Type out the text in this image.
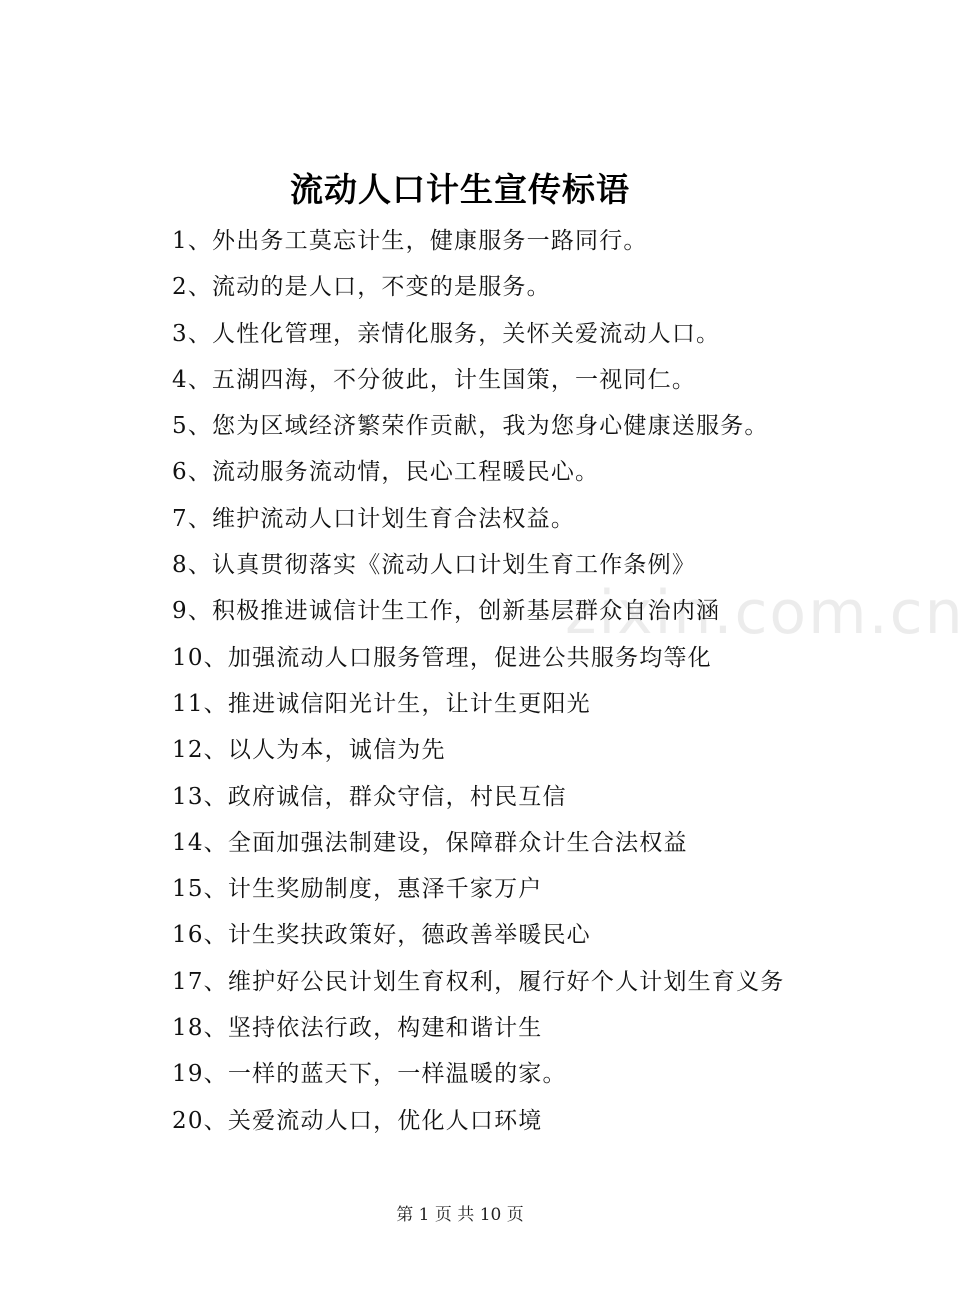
流动人口计生宣传标语
1、外出务工莫忘计生，健康服务一路同行。
2、流动的是人口，不变的是服务。
3、人性化管理，亲情化服务，关怀关爱流动人口。
4、五湖四海，不分彼此，计生国策，一视同仁。
5、您为区域经济繁荣作贡献，我为您身心健康送服务。
6、流动服务流动情，民心工程暖民心。
7、维护流动人口计划生育合法权益。
8、认真贯彻落实《流动人口计划生育工作条例》
9、积极推进诚信计生工作，创新基层群众自治内涵
10、加强流动人口服务管理，促进公共服务均等化
11、推进诚信阳光计生，让计生更阳光
12、以人为本，诚信为先
13、政府诚信，群众守信，村民互信
14、全面加强法制建设，保障群众计生合法权益
15、计生奖励制度，惠泽千家万户
16、计生奖扶政策好，德政善举暖民心
17、维护好公民计划生育权利，履行好个人计划生育义务
18、坚持依法行政，构建和谐计生
19、一样的蓝天下，一样温暖的家。
20、关爱流动人口，优化人口环境
zixin.com.cn
第 1 页 共 10 页
